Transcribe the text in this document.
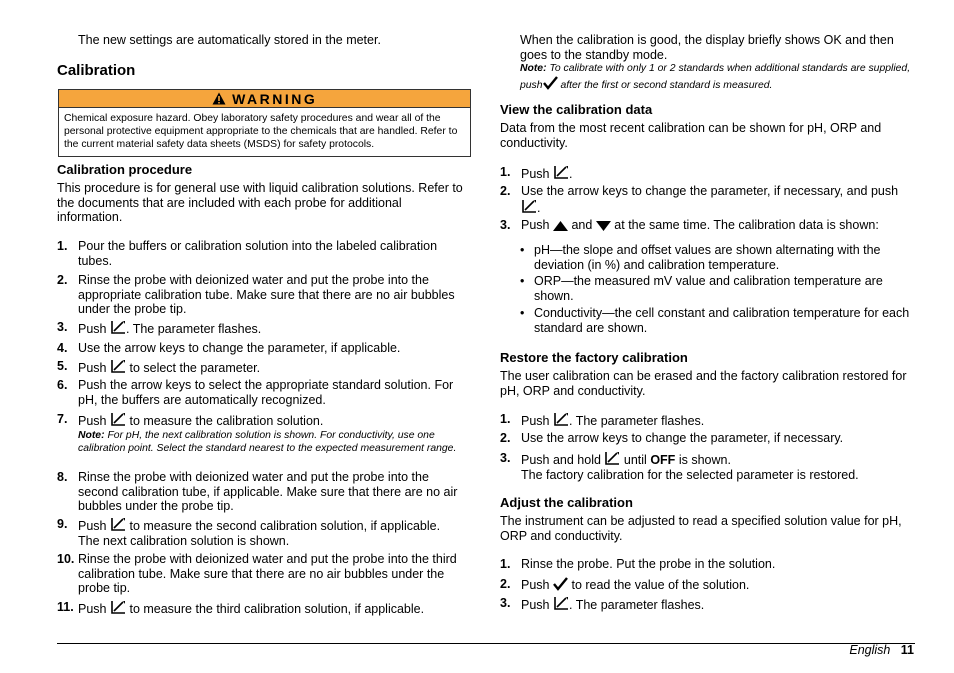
The new settings are automatically stored in the meter.

Calibration
WARNING
Chemical exposure hazard. Obey laboratory safety procedures and wear all of the personal protective equipment appropriate to the chemicals that are handled. Refer to the current material safety data sheets (MSDS) for safety protocols.
Calibration procedure

This procedure is for general use with liquid calibration solutions. Refer to the documents that are included with each probe for additional information.

1. Pour the buffers or calibration solution into the labeled calibration tubes.
2. Rinse the probe with deionized water and put the probe into the appropriate calibration tube. Make sure that there are no air bubbles under the probe tip.
3. Push . The parameter flashes.
4. Use the arrow keys to change the parameter, if applicable.
5. Push to select the parameter.
6. Push the arrow keys to select the appropriate standard solution. For pH, the buffers are automatically recognized.
7. Push to measure the calibration solution.
Note: For pH, the next calibration solution is shown. For conductivity, use one calibration point. Select the standard nearest to the expected measurement range.
8. Rinse the probe with deionized water and put the probe into the second calibration tube, if applicable. Make sure that there are no air bubbles under the probe tip.
9. Push to measure the second calibration solution, if applicable.
The next calibration solution is shown.
10. Rinse the probe with deionized water and put the probe into the third calibration tube. Make sure that there are no air bubbles under the probe tip.
11. Push to measure the third calibration solution, if applicable.

When the calibration is good, the display briefly shows OK and then goes to the standby mode.

Note: To calibrate with only 1 or 2 standards when additional standards are supplied, push after the first or second standard is measured.

View the calibration data

Data from the most recent calibration can be shown for pH, ORP and conductivity.

1. Push .
2. Use the arrow keys to change the parameter, if necessary, and push .
3. Push and at the same time. The calibration data is shown:
• pH—the slope and offset values are shown alternating with the deviation (in %) and calibration temperature.
• ORP—the measured mV value and calibration temperature are shown.
• Conductivity—the cell constant and calibration temperature for each standard are shown.
Restore the factory calibration

The user calibration can be erased and the factory calibration restored for pH, ORP and conductivity.

1. Push . The parameter flashes.
2. Use the arrow keys to change the parameter, if necessary.
3. Push and hold until OFF is shown.
The factory calibration for the selected parameter is restored.
Adjust the calibration

The instrument can be adjusted to read a specified solution value for pH, ORP and conductivity.

1. Rinse the probe. Put the probe in the solution.
2. Push to read the value of the solution.
3. Push . The parameter flashes.
English 11
